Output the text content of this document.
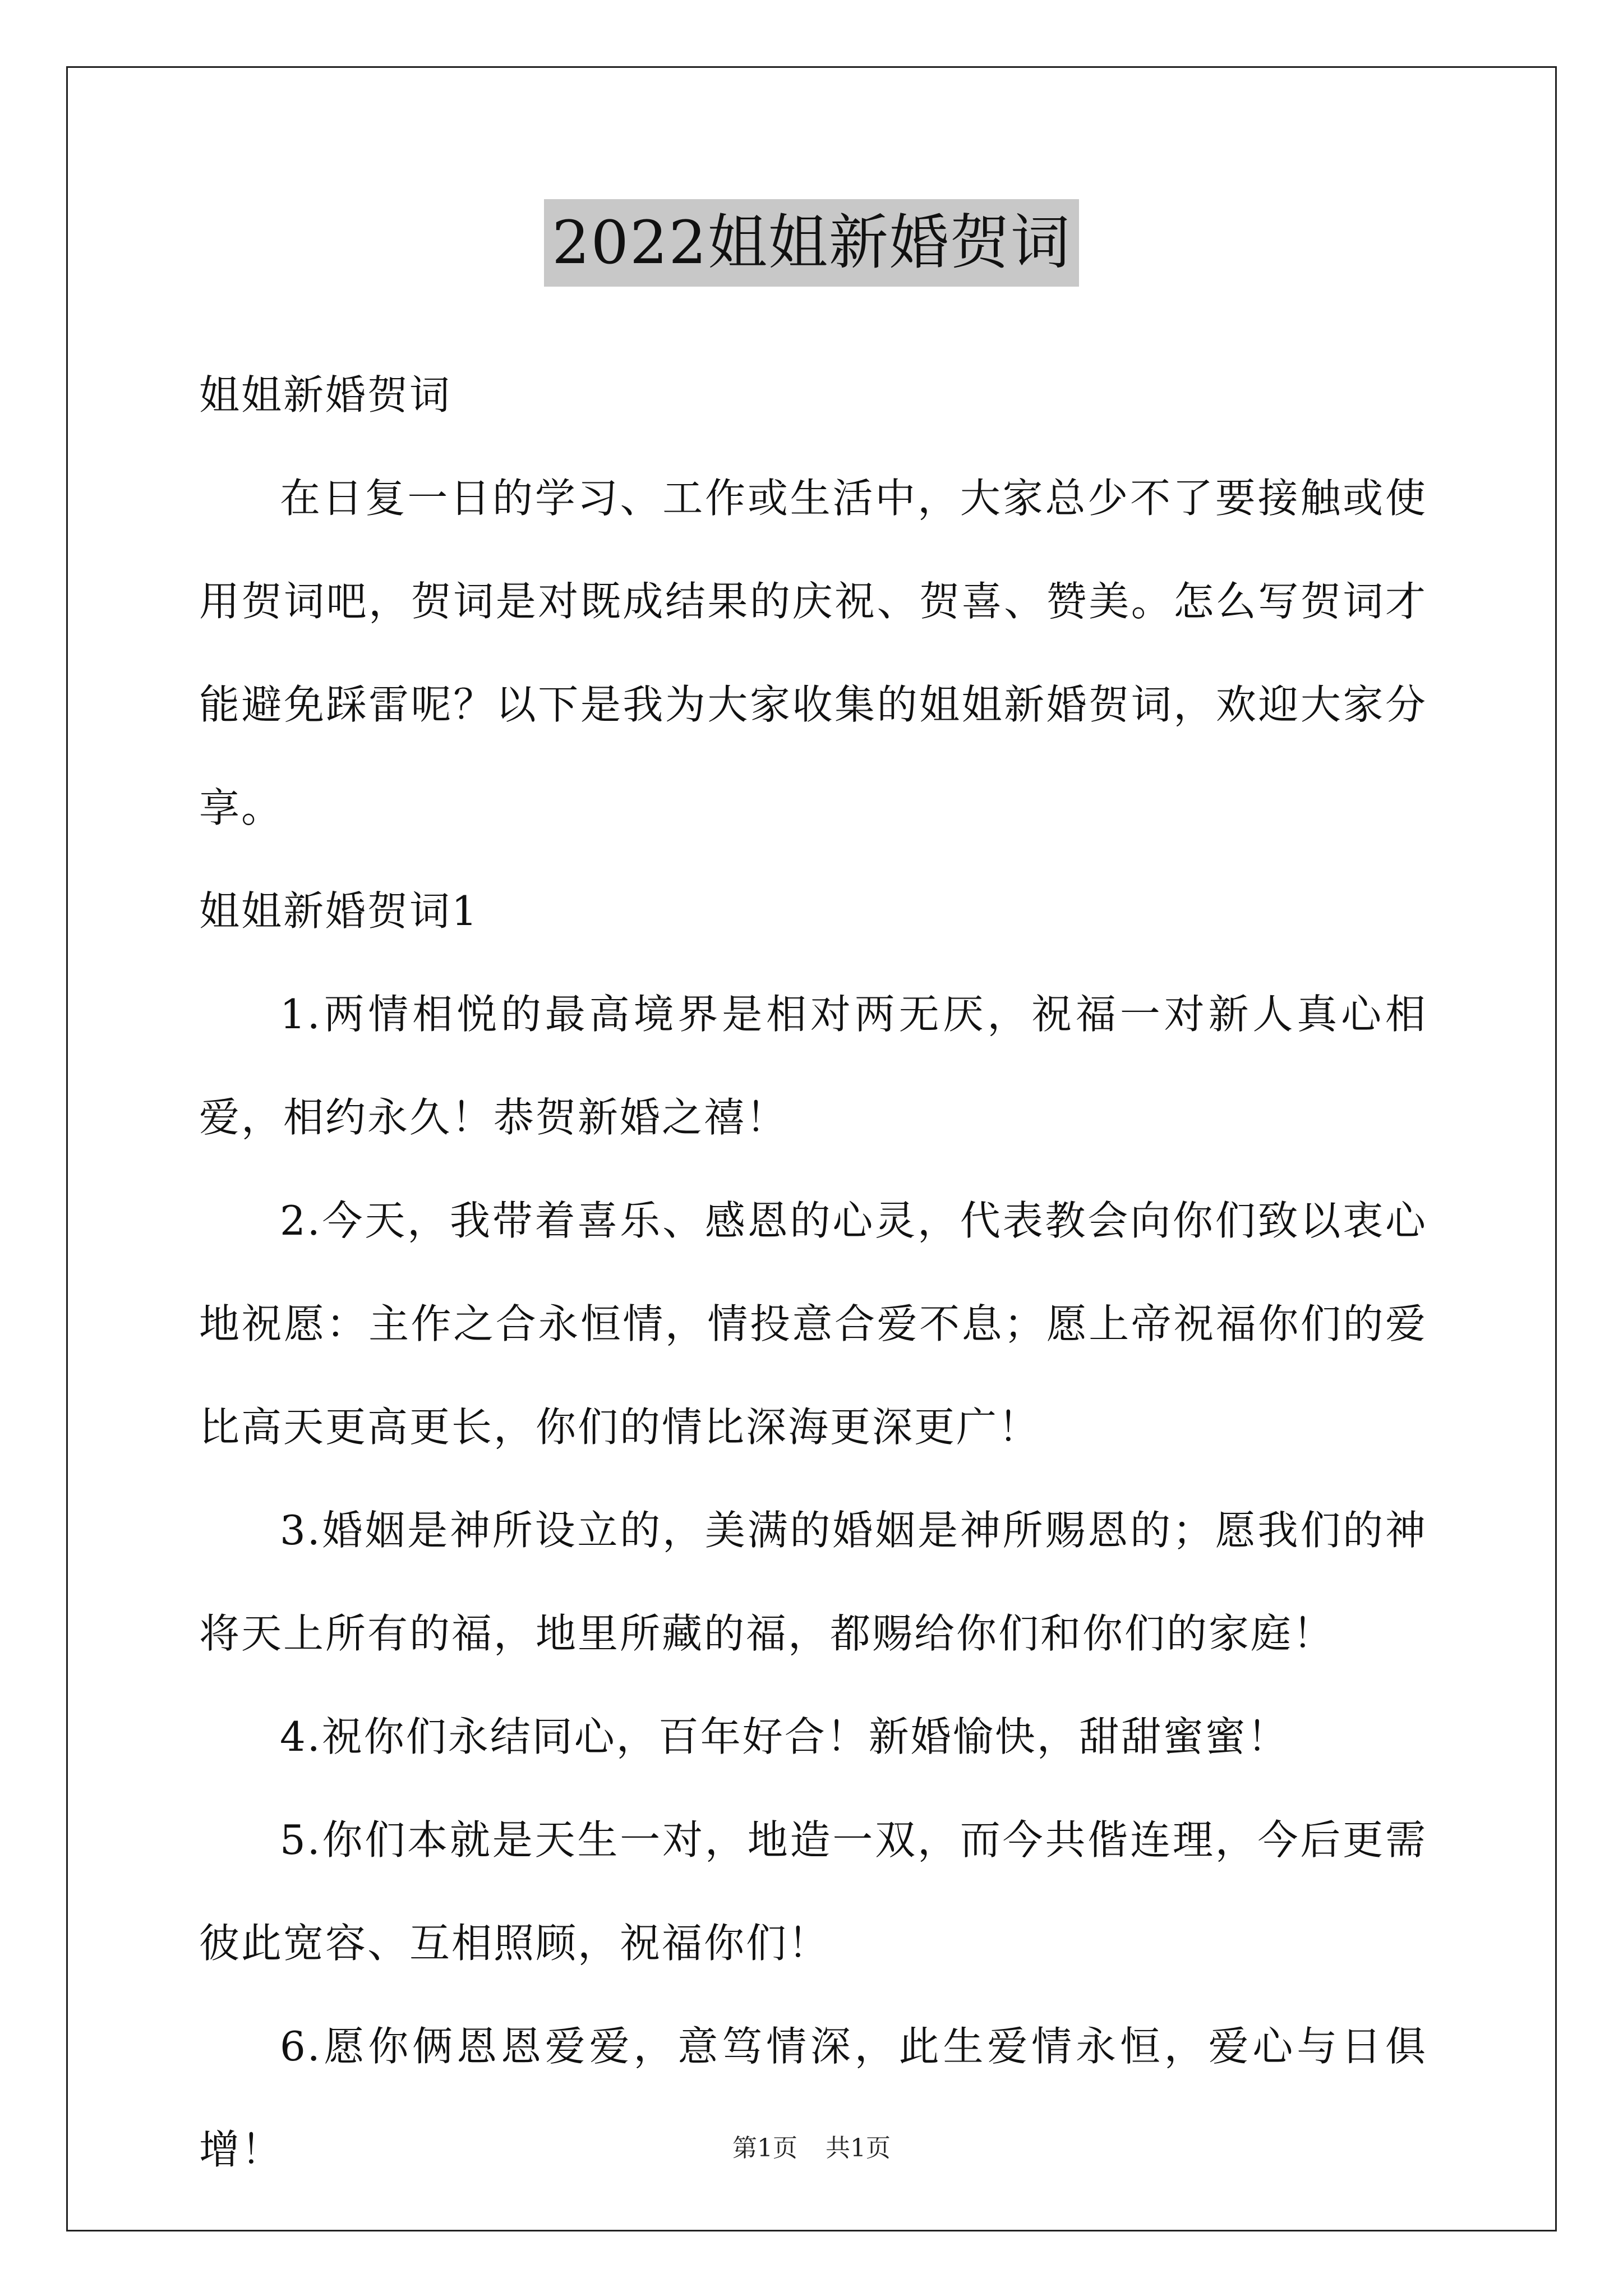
2022姐姐新婚贺词

姐姐新婚贺词

在日复一日的学习、工作或生活中，大家总少不了要接触或使用贺词吧，贺词是对既成结果的庆祝、贺喜、赞美。怎么写贺词才能避免踩雷呢？以下是我为大家收集的姐姐新婚贺词，欢迎大家分享。

姐姐新婚贺词1

1.两情相悦的最高境界是相对两无厌，祝福一对新人真心相爱，相约永久！恭贺新婚之禧！

2.今天，我带着喜乐、感恩的心灵，代表教会向你们致以衷心地祝愿：主作之合永恒情，情投意合爱不息；愿上帝祝福你们的爱比高天更高更长，你们的情比深海更深更广！

3.婚姻是神所设立的，美满的婚姻是神所赐恩的；愿我们的神将天上所有的福，地里所藏的福，都赐给你们和你们的家庭！

4.祝你们永结同心，百年好合！新婚愉快，甜甜蜜蜜！

5.你们本就是天生一对，地造一双，而今共偕连理，今后更需彼此宽容、互相照顾，祝福你们！

6.愿你俩恩恩爱爱，意笃情深，此生爱情永恒，爱心与日俱增！	第1页 共1页
